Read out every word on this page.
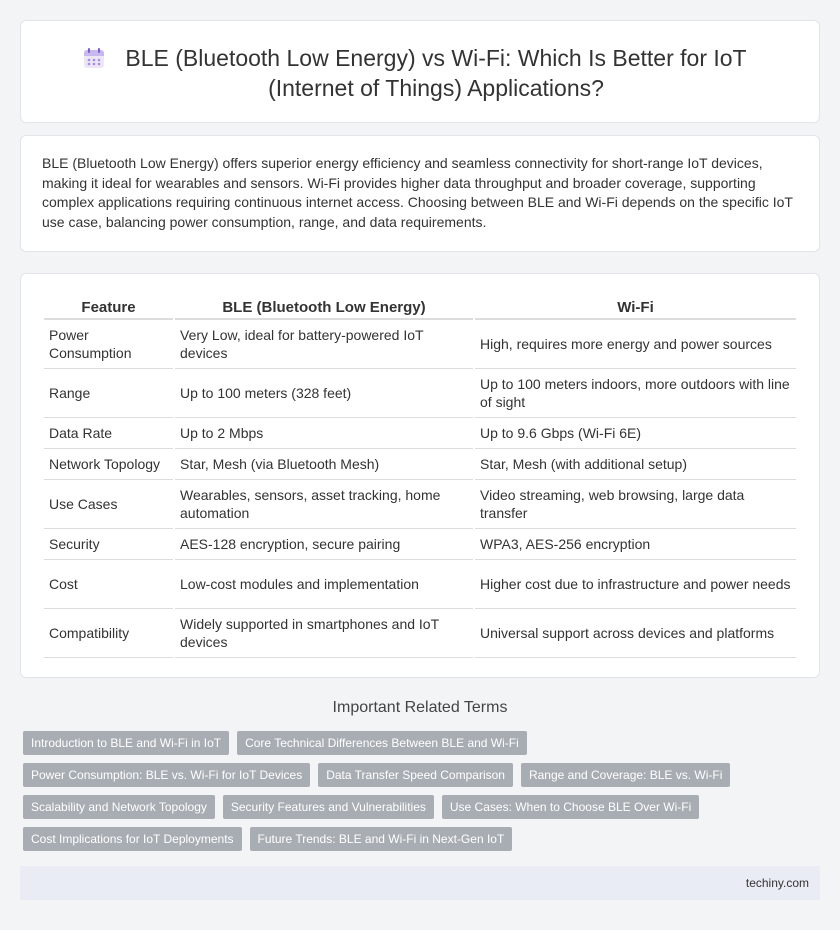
BLE (Bluetooth Low Energy) vs Wi-Fi: Which Is Better for IoT (Internet of Things) Applications?

BLE (Bluetooth Low Energy) offers superior energy efficiency and seamless connectivity for short-range IoT devices, making it ideal for wearables and sensors. Wi-Fi provides higher data throughput and broader coverage, supporting complex applications requiring continuous internet access. Choosing between BLE and Wi-Fi depends on the specific IoT use case, balancing power consumption, range, and data requirements.

Feature	BLE (Bluetooth Low Energy)	Wi-Fi
Power Consumption	Very Low, ideal for battery-powered IoT devices	High, requires more energy and power sources
Range	Up to 100 meters (328 feet)	Up to 100 meters indoors, more outdoors with line of sight
Data Rate	Up to 2 Mbps	Up to 9.6 Gbps (Wi-Fi 6E)
Network Topology	Star, Mesh (via Bluetooth Mesh)	Star, Mesh (with additional setup)
Use Cases	Wearables, sensors, asset tracking, home automation	Video streaming, web browsing, large data transfer
Security	AES-128 encryption, secure pairing	WPA3, AES-256 encryption
Cost	Low-cost modules and implementation	Higher cost due to infrastructure and power needs
Compatibility	Widely supported in smartphones and IoT devices	Universal support across devices and platforms
Important Related Terms
Introduction to BLE and Wi-Fi in IoT	Core Technical Differences Between BLE and Wi-Fi
Power Consumption: BLE vs. Wi-Fi for IoT Devices	Data Transfer Speed Comparison	Range and Coverage: BLE vs. Wi-Fi
Scalability and Network Topology	Security Features and Vulnerabilities	Use Cases: When to Choose BLE Over Wi-Fi
Cost Implications for IoT Deployments	Future Trends: BLE and Wi-Fi in Next-Gen IoT
techiny.com
